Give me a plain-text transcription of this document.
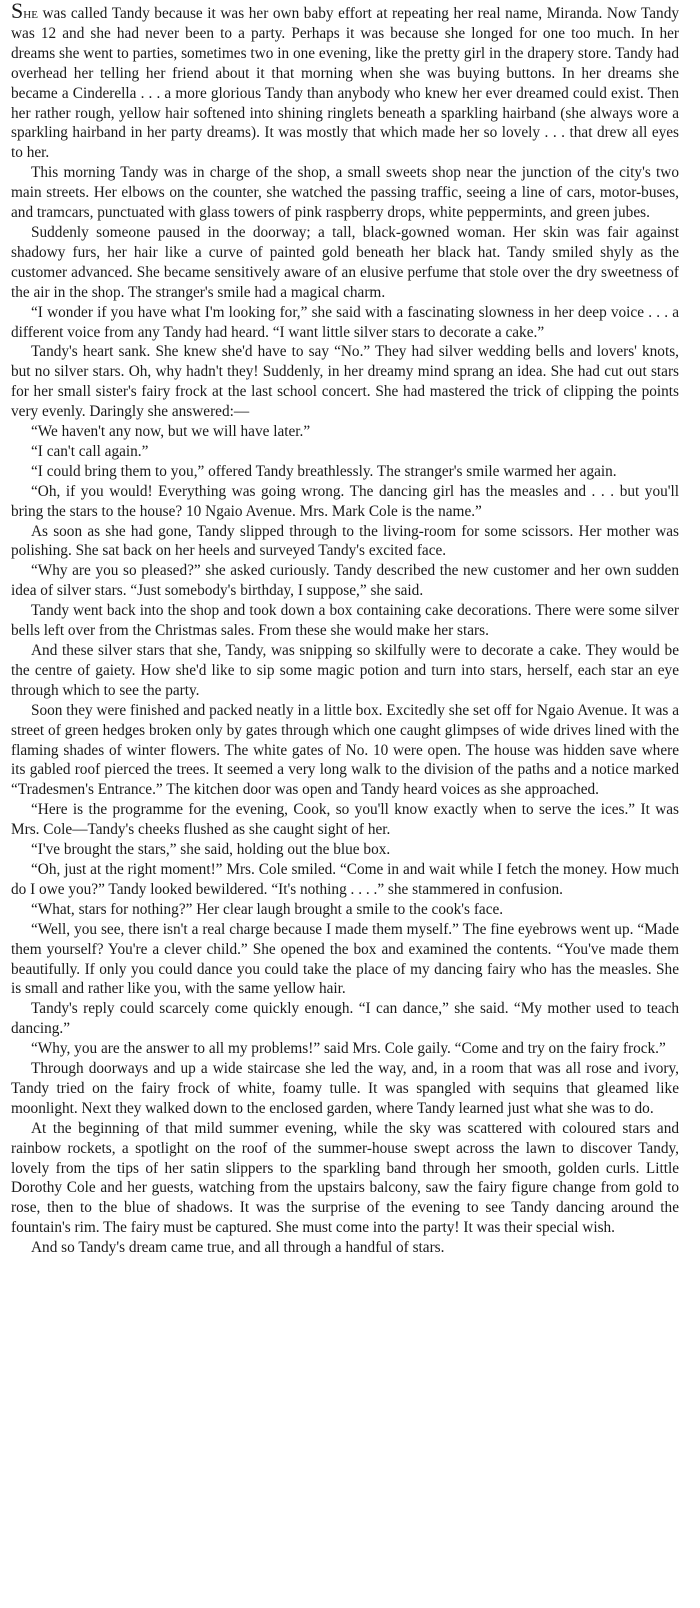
She was called Tandy because it was her own baby effort at repeating her real name, Miranda. Now Tandy was 12 and she had never been to a party. Perhaps it was because she longed for one too much. In her dreams she went to parties, sometimes two in one evening, like the pretty girl in the drapery store. Tandy had overhead her telling her friend about it that morning when she was buying buttons. In her dreams she became a Cinderella . . . a more glorious Tandy than anybody who knew her ever dreamed could exist. Then her rather rough, yellow hair softened into shining ringlets beneath a sparkling hairband (she always wore a sparkling hairband in her party dreams). It was mostly that which made her so lovely . . . that drew all eyes to her.

This morning Tandy was in charge of the shop, a small sweets shop near the junction of the city's two main streets. Her elbows on the counter, she watched the passing traffic, seeing a line of cars, motor-buses, and tramcars, punctuated with glass towers of pink raspberry drops, white peppermints, and green jubes.

Suddenly someone paused in the doorway; a tall, black-gowned woman. Her skin was fair against shadowy furs, her hair like a curve of painted gold beneath her black hat. Tandy smiled shyly as the customer advanced. She became sensitively aware of an elusive perfume that stole over the dry sweetness of the air in the shop. The stranger's smile had a magical charm.

“I wonder if you have what I'm looking for,” she said with a fascinating slowness in her deep voice . . . a different voice from any Tandy had heard. “I want little silver stars to decorate a cake.”

Tandy's heart sank. She knew she'd have to say “No.” They had silver wedding bells and lovers' knots, but no silver stars. Oh, why hadn't they! Suddenly, in her dreamy mind sprang an idea. She had cut out stars for her small sister's fairy frock at the last school concert. She had mastered the trick of clipping the points very evenly. Daringly she answered:—

“We haven't any now, but we will have later.”

“I can't call again.”

“I could bring them to you,” offered Tandy breathlessly. The stranger's smile warmed her again.

“Oh, if you would! Everything was going wrong. The dancing girl has the measles and . . . but you'll bring the stars to the house? 10 Ngaio Avenue. Mrs. Mark Cole is the name.”

As soon as she had gone, Tandy slipped through to the living-room for some scissors. Her mother was polishing. She sat back on her heels and surveyed Tandy's excited face.

“Why are you so pleased?” she asked curiously. Tandy described the new customer and her own sudden idea of silver stars. “Just somebody's birthday, I suppose,” she said.

Tandy went back into the shop and took down a box containing cake decorations. There were some silver bells left over from the Christmas sales. From these she would make her stars.

And these silver stars that she, Tandy, was snipping so skilfully were to decorate a cake. They would be the centre of gaiety. How she'd like to sip some magic potion and turn into stars, herself, each star an eye through which to see the party.

Soon they were finished and packed neatly in a little box. Excitedly she set off for Ngaio Avenue. It was a street of green hedges broken only by gates through which one caught glimpses of wide drives lined with the flaming shades of winter flowers. The white gates of No. 10 were open. The house was hidden save where its gabled roof pierced the trees. It seemed a very long walk to the division of the paths and a notice marked “Tradesmen's Entrance.” The kitchen door was open and Tandy heard voices as she approached.

“Here is the programme for the evening, Cook, so you'll know exactly when to serve the ices.” It was Mrs. Cole—Tandy's cheeks flushed as she caught sight of her.

“I've brought the stars,” she said, holding out the blue box.

“Oh, just at the right moment!” Mrs. Cole smiled. “Come in and wait while I fetch the money. How much do I owe you?” Tandy looked bewildered. “It's nothing . . . .” she stammered in confusion.

“What, stars for nothing?” Her clear laugh brought a smile to the cook's face.

“Well, you see, there isn't a real charge because I made them myself.” The fine eyebrows went up. “Made them yourself? You're a clever child.” She opened the box and examined the contents. “You've made them beautifully. If only you could dance you could take the place of my dancing fairy who has the measles. She is small and rather like you, with the same yellow hair.

Tandy's reply could scarcely come quickly enough. “I can dance,” she said. “My mother used to teach dancing.”

“Why, you are the answer to all my problems!” said Mrs. Cole gaily. “Come and try on the fairy frock.”

Through doorways and up a wide staircase she led the way, and, in a room that was all rose and ivory, Tandy tried on the fairy frock of white, foamy tulle. It was spangled with sequins that gleamed like moonlight. Next they walked down to the enclosed garden, where Tandy learned just what she was to do.

At the beginning of that mild summer evening, while the sky was scattered with coloured stars and rainbow rockets, a spotlight on the roof of the summer-house swept across the lawn to discover Tandy, lovely from the tips of her satin slippers to the sparkling band through her smooth, golden curls. Little Dorothy Cole and her guests, watching from the upstairs balcony, saw the fairy figure change from gold to rose, then to the blue of shadows. It was the surprise of the evening to see Tandy dancing around the fountain's rim. The fairy must be captured. She must come into the party! It was their special wish.

And so Tandy's dream came true, and all through a handful of stars.
